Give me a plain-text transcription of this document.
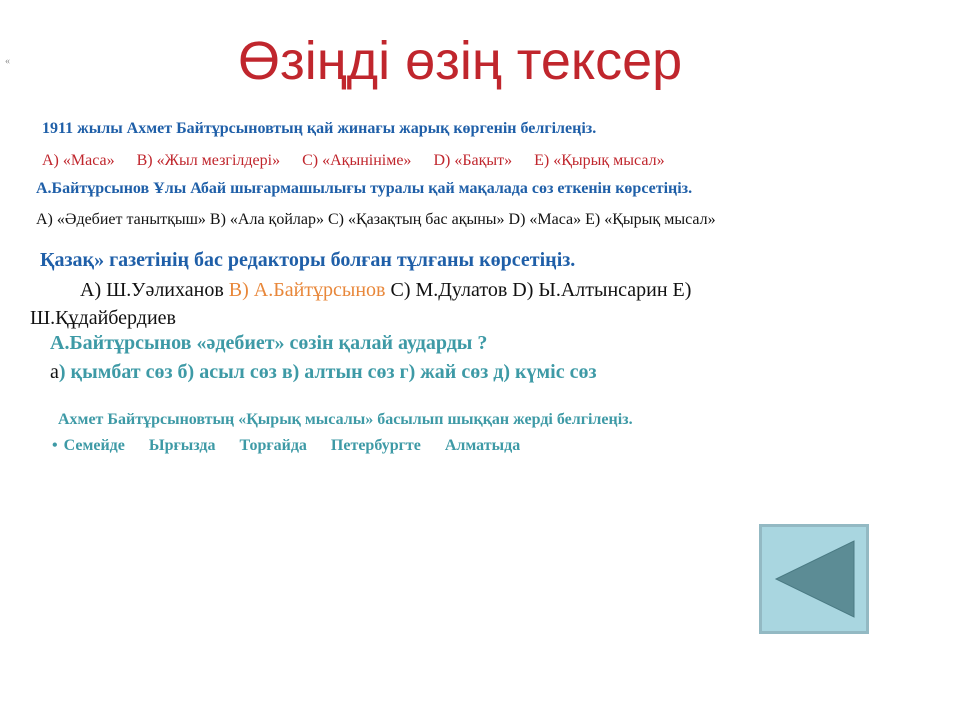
«	Өзіңді өзің тексер
1911 жылы Ахмет Байтұрсыновтың қай жинағы жарық көргенін белгілеңіз.
А) «Маса» В) «Жыл мезгілдері» С) «Ақынініме» D) «Бақыт» Е) «Қырық мысал»
А.Байтұрсынов Ұлы Абай шығармашылығы туралы қай мақалада сөз еткенін көрсетіңіз.
А) «Әдебиет танытқыш» В) «Ала қойлар» С) «Қазақтың бас ақыны» D) «Маса» Е) «Қырық мысал»
Қазақ» газетінің бас редакторы болған тұлғаны көрсетіңіз.
А) Ш.Уәлиханов В) А.Байтұрсынов С) М.Дулатов D) Ы.Алтынсарин Е)
Ш.Құдайбердиев
А.Байтұрсынов «әдебиет» сөзін қалай аударды ?
а) қымбат сөз б) асыл сөз в) алтын сөз г) жай сөз д) күміс сөз
Ахмет Байтұрсыновтың «Қырық мысалы» басылып шыққан жерді белгілеңіз.
• Семейде Ырғызда Торғайда Петербургте Алматыда
